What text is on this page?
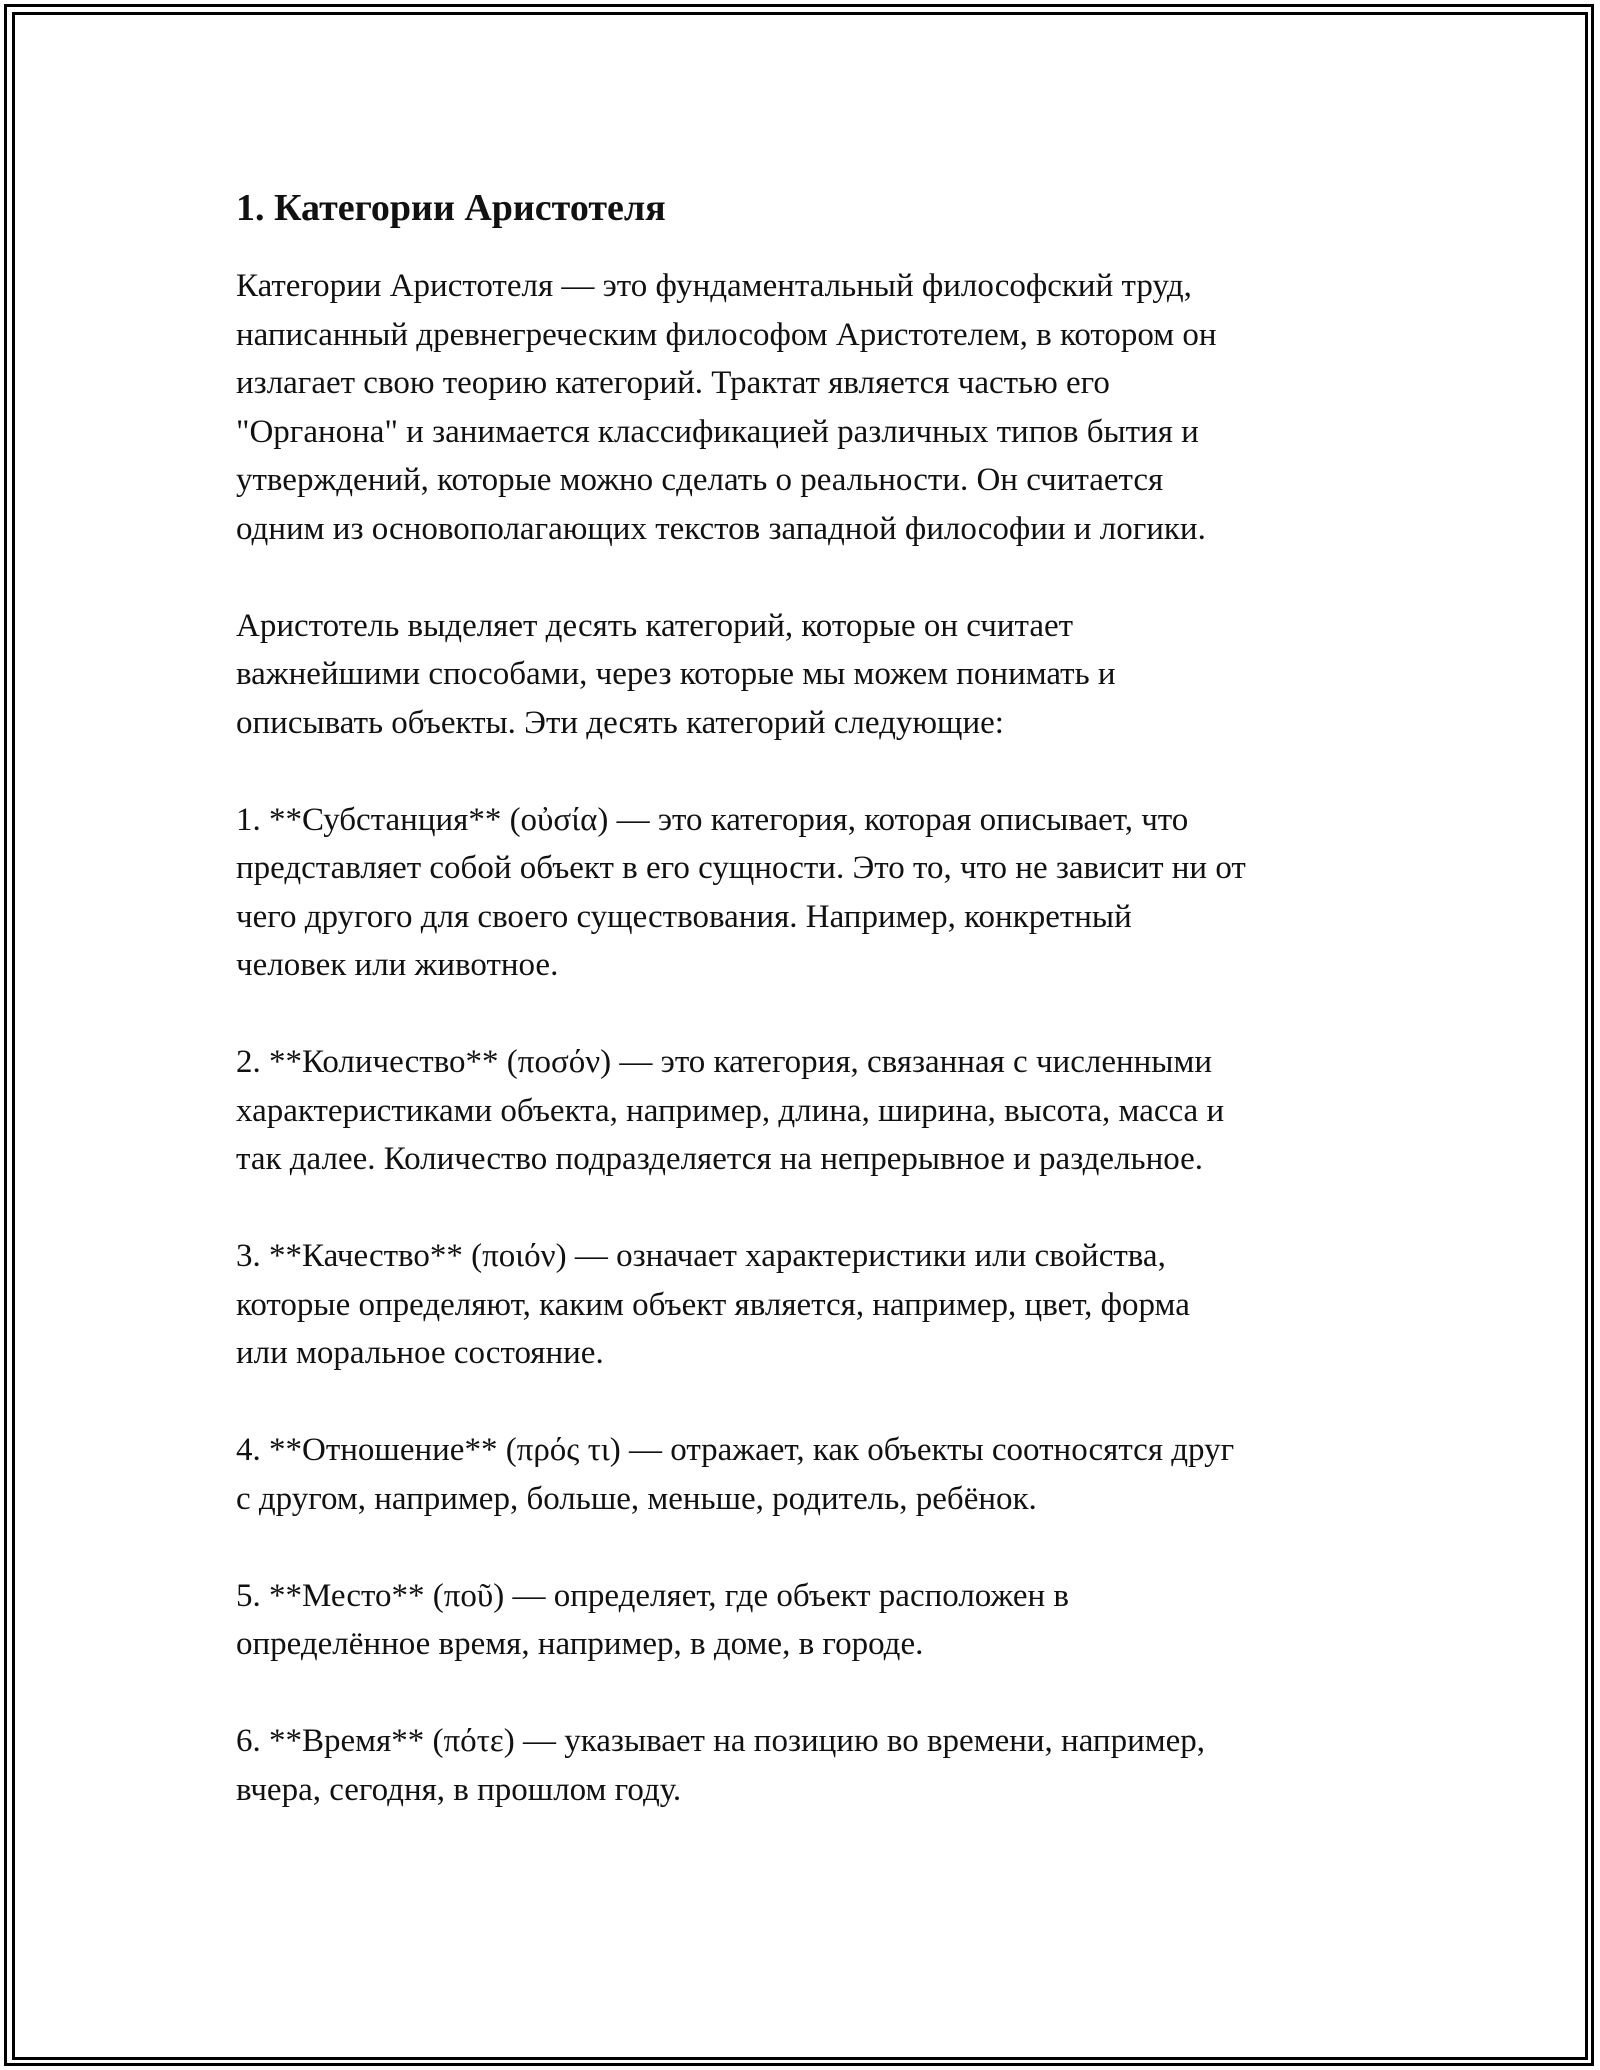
1. Категории Аристотеля
Категории Аристотеля — это фундаментальный философский труд,
написанный древнегреческим философом Аристотелем, в котором он
излагает свою теорию категорий. Трактат является частью его
"Органона" и занимается классификацией различных типов бытия и
утверждений, которые можно сделать о реальности. Он считается
одним из основополагающих текстов западной философии и логики.
Аристотель выделяет десять категорий, которые он считает
важнейшими способами, через которые мы можем понимать и
описывать объекты. Эти десять категорий следующие:
1. **Субстанция** (οὐσία) — это категория, которая описывает, что
представляет собой объект в его сущности. Это то, что не зависит ни от
чего другого для своего существования. Например, конкретный
человек или животное.
2. **Количество** (ποσόν) — это категория, связанная с численными
характеристиками объекта, например, длина, ширина, высота, масса и
так далее. Количество подразделяется на непрерывное и раздельное.
3. **Качество** (ποιόν) — означает характеристики или свойства,
которые определяют, каким объект является, например, цвет, форма
или моральное состояние.
4. **Отношение** (πρός τι) — отражает, как объекты соотносятся друг
с другом, например, больше, меньше, родитель, ребёнок.
5. **Место** (ποῦ) — определяет, где объект расположен в
определённое время, например, в доме, в городе.
6. **Время** (πότε) — указывает на позицию во времени, например,
вчера, сегодня, в прошлом году.
